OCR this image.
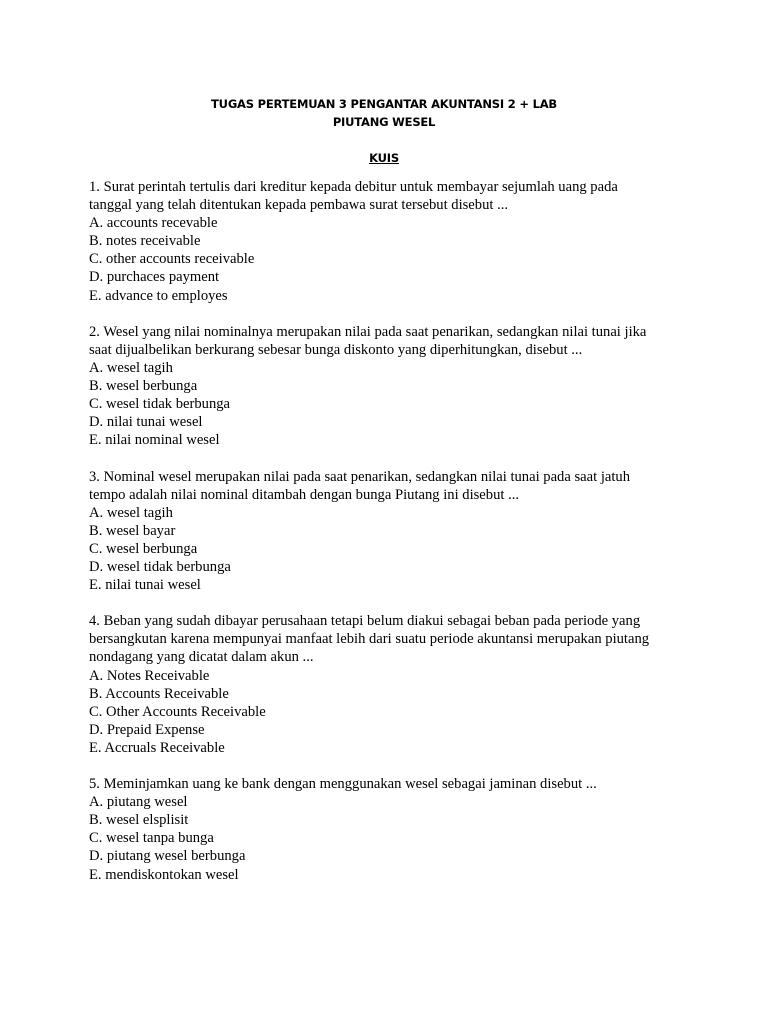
TUGAS PERTEMUAN 3 PENGANTAR AKUNTANSI 2 + LAB
PIUTANG WESEL
KUIS
1. Surat perintah tertulis dari kreditur kepada debitur untuk membayar sejumlah uang pada
tanggal yang telah ditentukan kepada pembawa surat tersebut disebut ...
A. accounts recevable
B. notes receivable
C. other accounts receivable
D. purchaces payment
E. advance to employes
2. Wesel yang nilai nominalnya merupakan nilai pada saat penarikan, sedangkan nilai tunai jika
saat dijualbelikan berkurang sebesar bunga diskonto yang diperhitungkan, disebut ...
A. wesel tagih
B. wesel berbunga
C. wesel tidak berbunga
D. nilai tunai wesel
E. nilai nominal wesel
3. Nominal wesel merupakan nilai pada saat penarikan, sedangkan nilai tunai pada saat jatuh
tempo adalah nilai nominal ditambah dengan bunga Piutang ini disebut ...
A. wesel tagih
B. wesel bayar
C. wesel berbunga
D. wesel tidak berbunga
E. nilai tunai wesel
4. Beban yang sudah dibayar perusahaan tetapi belum diakui sebagai beban pada periode yang
bersangkutan karena mempunyai manfaat lebih dari suatu periode akuntansi merupakan piutang
nondagang yang dicatat dalam akun ...
A. Notes Receivable
B. Accounts Receivable
C. Other Accounts Receivable
D. Prepaid Expense
E. Accruals Receivable
5. Meminjamkan uang ke bank dengan menggunakan wesel sebagai jaminan disebut ...
A. piutang wesel
B. wesel elsplisit
C. wesel tanpa bunga
D. piutang wesel berbunga
E. mendiskontokan wesel
